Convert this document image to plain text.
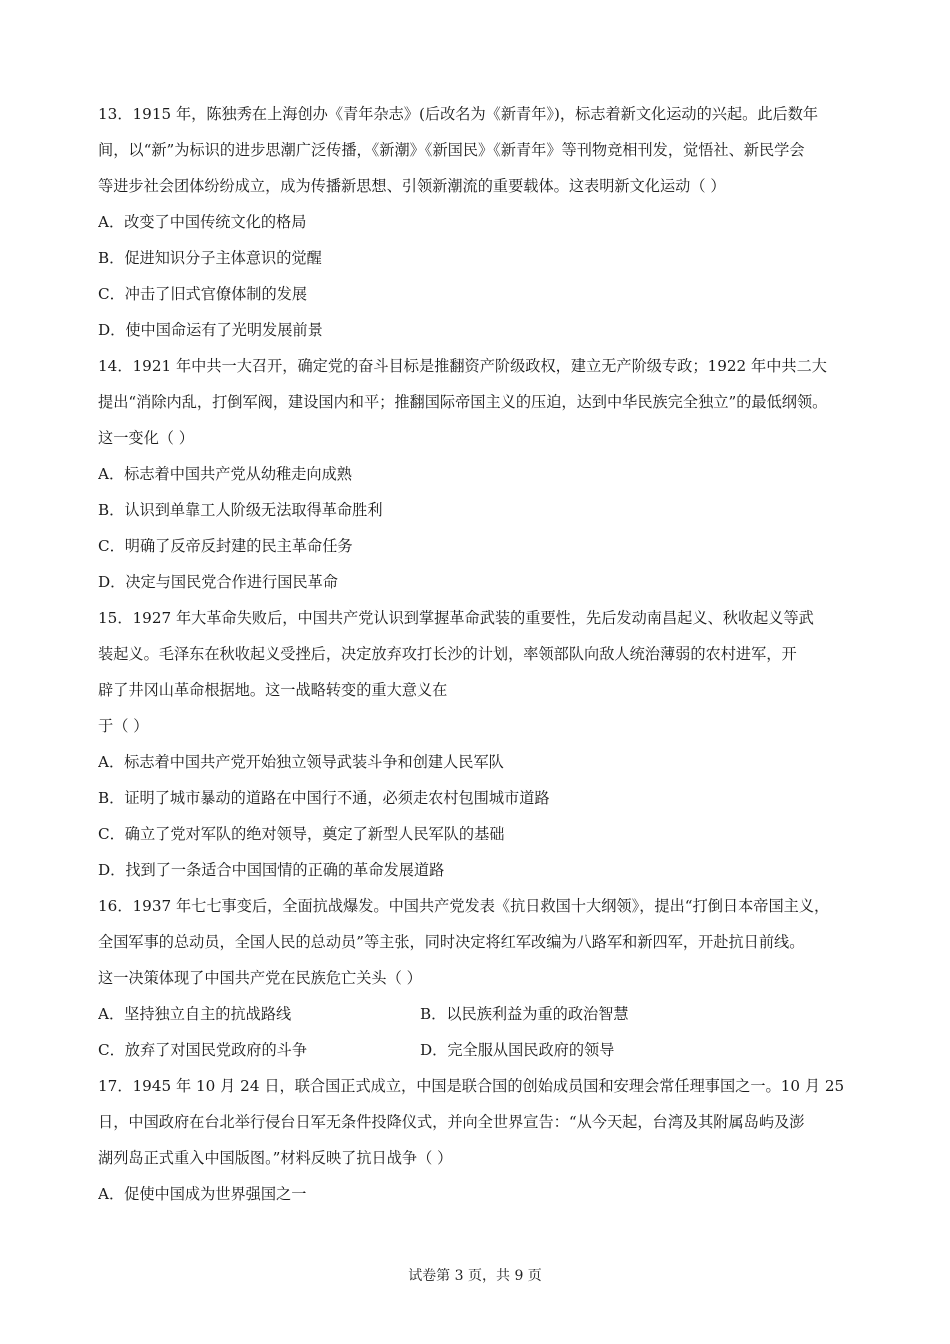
13．1915 年，陈独秀在上海创办《青年杂志》(后改名为《新青年》)，标志着新文化运动的兴起。此后数年
间，以“新”为标识的进步思潮广泛传播，《新潮》《新国民》《新青年》等刊物竞相刊发，觉悟社、新民学会
等进步社会团体纷纷成立，成为传播新思想、引领新潮流的重要载体。这表明新文化运动（ ）
A．改变了中国传统文化的格局
B．促进知识分子主体意识的觉醒
C．冲击了旧式官僚体制的发展
D．使中国命运有了光明发展前景
14．1921 年中共一大召开，确定党的奋斗目标是推翻资产阶级政权，建立无产阶级专政；1922 年中共二大
提出“消除内乱，打倒军阀，建设国内和平；推翻国际帝国主义的压迫，达到中华民族完全独立”的最低纲领。
这一变化（ ）
A．标志着中国共产党从幼稚走向成熟
B．认识到单靠工人阶级无法取得革命胜利
C．明确了反帝反封建的民主革命任务
D．决定与国民党合作进行国民革命
15．1927 年大革命失败后，中国共产党认识到掌握革命武装的重要性，先后发动南昌起义、秋收起义等武
装起义。毛泽东在秋收起义受挫后，决定放弃攻打长沙的计划，率领部队向敌人统治薄弱的农村进军，开
辟了井冈山革命根据地。这一战略转变的重大意义在
于（ ）
A．标志着中国共产党开始独立领导武装斗争和创建人民军队
B．证明了城市暴动的道路在中国行不通，必须走农村包围城市道路
C．确立了党对军队的绝对领导，奠定了新型人民军队的基础
D．找到了一条适合中国国情的正确的革命发展道路
16．1937 年七七事变后，全面抗战爆发。中国共产党发表《抗日救国十大纲领》，提出“打倒日本帝国主义，
全国军事的总动员，全国人民的总动员”等主张，同时决定将红军改编为八路军和新四军，开赴抗日前线。
这一决策体现了中国共产党在民族危亡关头（ ）
A．坚持独立自主的抗战路线	B．以民族利益为重的政治智慧
C．放弃了对国民党政府的斗争	D．完全服从国民政府的领导
17．1945 年 10 月 24 日，联合国正式成立，中国是联合国的创始成员国和安理会常任理事国之一。10 月 25
日，中国政府在台北举行侵台日军无条件投降仪式，并向全世界宣告：“从今天起，台湾及其附属岛屿及澎
湖列岛正式重入中国版图。”材料反映了抗日战争（ ）
A．促使中国成为世界强国之一
试卷第 3 页，共 9 页
